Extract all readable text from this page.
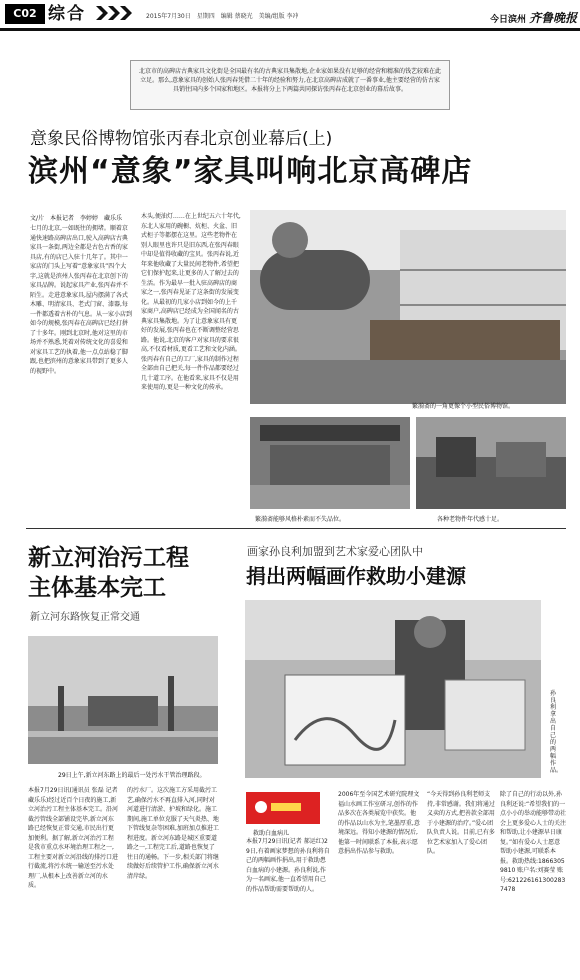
C02 综合	2015年7月30日　星期四　编辑 蔡晓光　美编/组版 李冲	今日滨州 齐鲁晚报
北京市的高碑店古典家具文化街是全国最有名的古典家具集散地,企业家如果没有足够的经营和精准的钱艺较难在此立足。那么,意象家具的创始人张丙春凭借二十年的经验和努力,在北京高碑店成就了一番事业,他主要经营的仿古家具销往国内多个国家和地区。本报将分上下两篇共同探访张丙春在北京创业的幕后故事。
意象民俗博物馆张丙春北京创业幕后(上)
滨州“意象”家具叫响北京高碑店
文/片　本报记者　李婷婷　藏乐乐
七月的北京,一如既往的拥堵。顺着京通快速路高碑店出口,驶入高碑店古典家具一条街,两边全都是古色古香的家具店,有的店已入驻十几年了。其中一家店的门头上写着“意象家具”四个大字,这就是滨州人张丙春在北京创下的家具品牌。说起家具产业,张丙春并不陌生。走进意象家具,屋内摆满了各式木雕、明清家具、老式门窗、漆器,每一件都透着古朴的气息。从一家小店到如今的规模,张丙春在高碑店已经打拼了十多年。刚到北京时,他对这里的市场并不熟悉,凭着对传统文化的喜爱和对家具工艺的执着,他一点点站稳了脚跟,也把滨州的意象家具带到了更多人的视野中。
木头,便油灯……在上世纪五六十年代,东北人家用的碗橱、炕柜、火盆、旧式柜子等都摆在这里。这些老物件在别人眼里也许只是旧东西,在张丙春眼中却是值得收藏的宝贝。张丙春说,近年来他收藏了大量民间老物件,希望把它们保护起来,让更多的人了解过去的生活。作为最早一批入驻高碑店的商家之一,张丙春见证了这条街的发展变化。从最初的几家小店到如今的上千家商户,高碑店已经成为全国闻名的古典家具集散地。为了让意象家具有更好的发展,张丙春也在不断调整经营思路。他说,北京的客户对家具的要求很高,不仅看材质,更看工艺和文化内涵。张丙春有自己的工厂,家具的制作过程全部由自己把关,每一件作品都要经过几十道工序。在他看来,家具不仅是用来使用的,更是一种文化的传承。
繁漪斋的一角更像个小型民俗博物馆。
繁漪斋能够风格朴素而不失品位。	各种老物件年代感十足。
新立河治污工程
主体基本完工
新立河东路恢复正常交通
29日上午,新立河东路上的最后一处污水干管治理路段。
本报7月29日讯(通讯员 张磊 记者 藏乐乐)经过近百个日夜的施工,新立河治污工程主体基本完工。沿河截污管线全部铺设完毕,新立河东路已经恢复正常交通,市民出行更加便利。据了解,新立河治污工程是我市重点水环境治理工程之一,工程主要对新立河沿线的排污口进行截流,将污水统一输送至污水处理厂,从根本上改善新立河的水质。
的污水厂。这次施工方采用截污工艺,确保污水不再直排入河,同时对河道进行清淤、护坡和绿化。施工期间,施工单位克服了天气炎热、地下管线复杂等困难,加班加点推进工程进度。新立河东路是城区重要道路之一,工程完工后,道路也恢复了往日的通畅。下一步,相关部门将继续做好后续管护工作,确保新立河水清岸绿。
画家孙良利加盟到艺术家爱心团队中
捐出两幅画作救助小建源
孙良利拿出自己的两幅作品。
救助白血病儿
本报7月29日讯(记者 郝运红)29日,有着画家梦想的孙良利将自己的两幅画作捐出,用于救助患白血病的小建源。孙良利说,作为一名画家,他一直希望用自己的作品帮助需要帮助的人。
2006年至今国艺术研究院理文福山水画工作室研习,创作的作品多次在各类展览中获奖。他的作品以山水为主,笔墨厚重,意境深远。得知小建源的情况后,他第一时间联系了本报,表示愿意捐出作品参与救助。
“今天得到孙良利老师支持,非常感谢。我们将通过义卖的方式,把善款全部用于小建源的治疗。”爱心团队负责人说。目前,已有多位艺术家加入了爱心团队。
除了自己的行动以外,孙良利还说:“希望我们的一点小小的举动能够带动社会上更多爱心人士的关注和帮助,让小建源早日康复。”如有爱心人士愿意帮助小建源,可联系本报。救助热线:18663059810 账户名:刘赛莹 账号:6212261613002837478
